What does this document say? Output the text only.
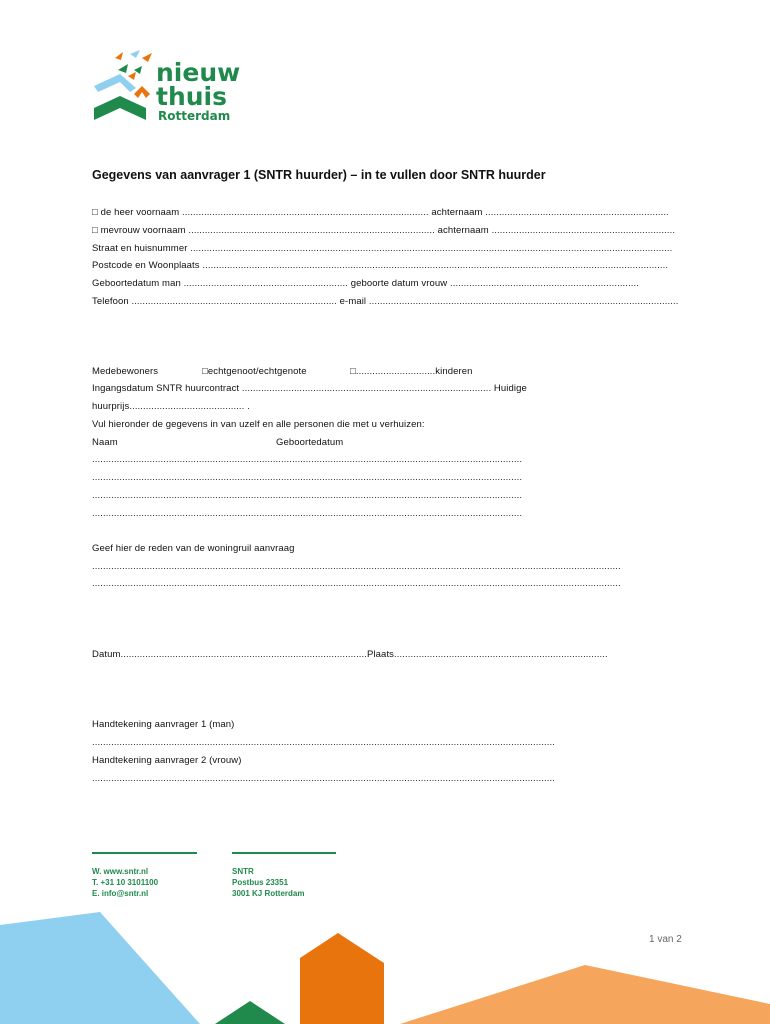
nieuw
thuis
Rotterdam
Gegevens van aanvrager 1 (SNTR huurder) – in te vullen door SNTR huurder
□ de heer voornaam .......................................................................................... achternaam ...................................................................
□ mevrouw voornaam .......................................................................................... achternaam ...................................................................
Straat en huisnummer ................................................................................................................................................................................
Postcode en Woonplaats ..........................................................................................................................................................................
Geboortedatum man ............................................................ geboorte datum vrouw .....................................................................
Telefoon ........................................................................... e-mail .................................................................................................................
Medebewoners	□echtgenoot/echtgenote	□.............................kinderen
Ingangsdatum SNTR huurcontract ........................................................................................... Huidige
huurprijs.......................................... .
Vul hieronder de gegevens in van uzelf en alle personen die met u verhuizen:
Naam	Geboortedatum
.............................................................................................................................................................
.............................................................................................................................................................
.............................................................................................................................................................
.............................................................................................................................................................
Geef hier de reden van de woningruil aanvraag
.................................................................................................................................................................................................
.................................................................................................................................................................................................
Datum..........................................................................................Plaats..............................................................................
Handtekening aanvrager 1 (man)
.........................................................................................................................................................................
Handtekening aanvrager 2 (vrouw)
.........................................................................................................................................................................
W. www.sntr.nl
T. +31 10 3101100
E. info@sntr.nl
SNTR
Postbus 23351
3001 KJ Rotterdam
1 van 2
